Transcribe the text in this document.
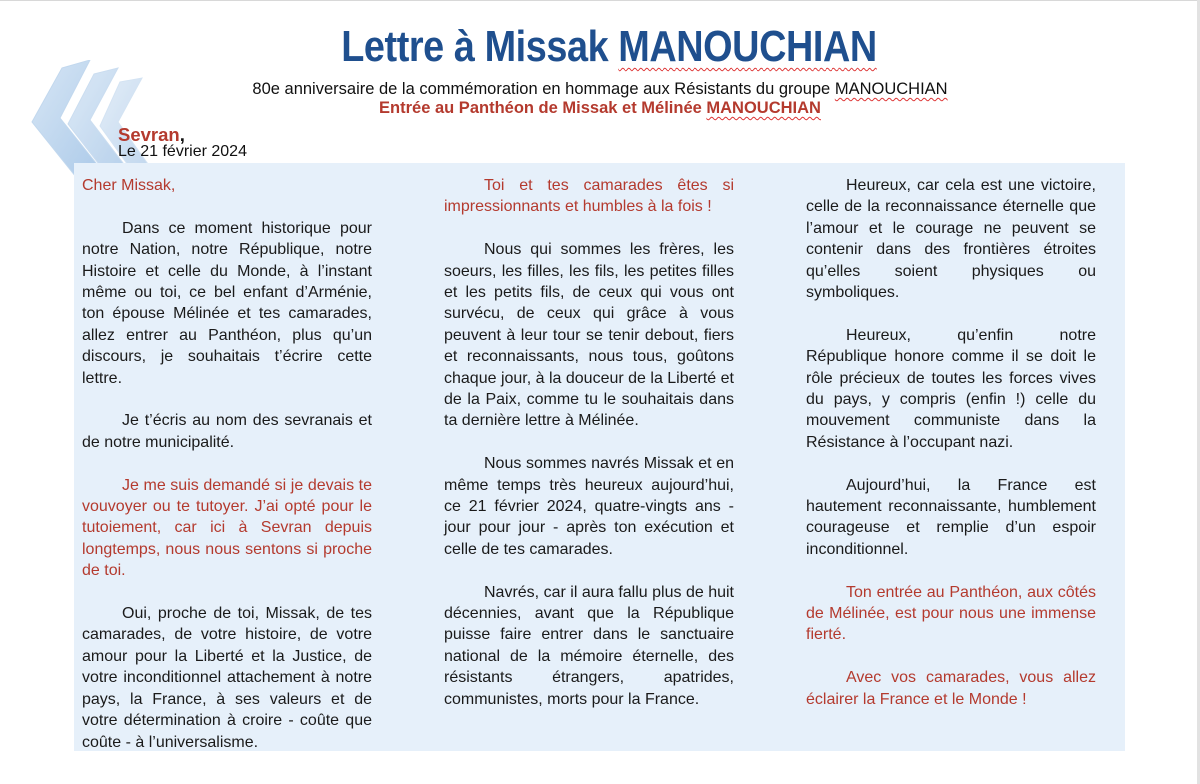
Lettre à Missak MANOUCHIAN
80e anniversaire de la commémoration en hommage aux Résistants du groupe MANOUCHIAN
Entrée au Panthéon de Missak et Mélinée MANOUCHIAN
Sevran,
Le 21 février 2024

Cher Missak,

Dans ce moment historique pour notre Nation, notre République, notre Histoire et celle du Monde, à l’instant même ou toi, ce bel enfant d’Arménie, ton épouse Mélinée et tes camarades, allez entrer au Panthéon, plus qu’un discours, je souhaitais t’écrire cette lettre.

Je t’écris au nom des sevranais et de notre municipalité.

Je me suis demandé si je devais te vouvoyer ou te tutoyer. J’ai opté pour le tutoiement, car ici à Sevran depuis longtemps, nous nous sentons si proche de toi.

Oui, proche de toi, Missak, de tes camarades, de votre histoire, de votre amour pour la Liberté et la Justice, de votre inconditionnel attachement à notre pays, la France, à ses valeurs et de votre détermination à croire - coûte que coûte - à l’universalisme.

Toi et tes camarades êtes si impressionnants et humbles à la fois !

Nous qui sommes les frères, les soeurs, les filles, les fils, les petites filles et les petits fils, de ceux qui vous ont survécu, de ceux qui grâce à vous peuvent à leur tour se tenir debout, fiers et reconnaissants, nous tous, goûtons chaque jour, à la douceur de la Liberté et de la Paix, comme tu le souhaitais dans ta dernière lettre à Mélinée.

Nous sommes navrés Missak et en même temps très heureux aujourd’hui, ce 21 février 2024, quatre-vingts ans - jour pour jour - après ton exécution et celle de tes camarades.

Navrés, car il aura fallu plus de huit décennies, avant que la République puisse faire entrer dans le sanctuaire national de la mémoire éternelle, des résistants étrangers, apatrides, communistes, morts pour la France.

Heureux, car cela est une victoire, celle de la reconnaissance éternelle que l’amour et le courage ne peuvent se contenir dans des frontières étroites qu’elles soient physiques ou symboliques.

Heureux, qu’enfin notre République honore comme il se doit le rôle précieux de toutes les forces vives du pays, y compris (enfin !) celle du mouvement communiste dans la Résistance à l’occupant nazi.

Aujourd’hui, la France est hautement reconnaissante, humblement courageuse et remplie d’un espoir inconditionnel.

Ton entrée au Panthéon, aux côtés de Mélinée, est pour nous une immense fierté.

Avec vos camarades, vous allez éclairer la France et le Monde !
